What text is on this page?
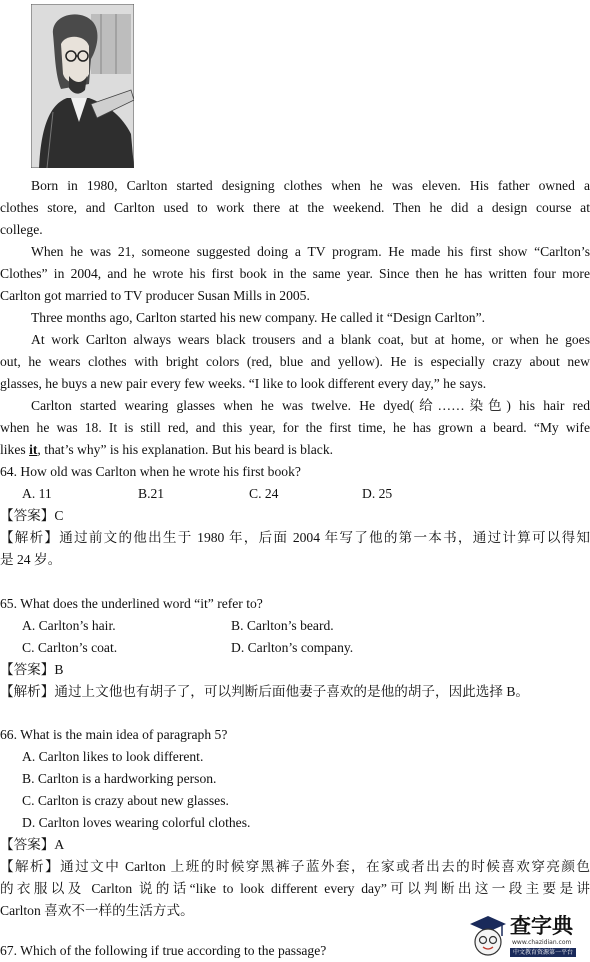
Born in 1980, Carlton started designing clothes when he was eleven. His father owned a
clothes store, and Carlton used to work there at the weekend. Then he did a design course at
college.
When he was 21, someone suggested doing a TV program. He made his first show “Carlton’s
Clothes” in 2004, and he wrote his first book in the same year. Since then he has written four more
Carlton got married to TV producer Susan Mills in 2005.
Three months ago, Carlton started his new company. He called it “Design Carlton”.
At work Carlton always wears black trousers and a blank coat, but at home, or when he goes
out, he wears clothes with bright colors (red, blue and yellow). He is especially crazy about new
glasses, he buys a new pair every few weeks. “I like to look different every day,” he says.
Carlton started wearing glasses when he was twelve. He dyed(给……染色) his hair red
when he was 18. It is still red, and this year, for the first time, he has grown a beard. “My wife
likes it, that’s why” is his explanation. But his beard is black.
64. How old was Carlton when he wrote his first book?
A. 11	B.21	C. 24	D. 25
【答案】C
【解析】通过前文的他出生于 1980 年，后面 2004 年写了他的第一本书，通过计算可以得知
是 24 岁。
65. What does the underlined word “it” refer to?
A. Carlton’s hair.	B. Carlton’s beard.
C. Carlton’s coat.	D. Carlton’s company.
【答案】B
【解析】通过上文他也有胡子了，可以判断后面他妻子喜欢的是他的胡子，因此选择 B。
66. What is the main idea of paragraph 5?
A. Carlton likes to look different.
B. Carlton is a hardworking person.
C. Carlton is crazy about new glasses.
D. Carlton loves wearing colorful clothes.
【答案】A
【解析】通过文中 Carlton 上班的时候穿黑裤子蓝外套，在家或者出去的时候喜欢穿亮颜色
的衣服以及 Carlton 说的话“like to look different every day”可以判断出这一段主要是讲
Carlton 喜欢不一样的生活方式。
67. Which of the following if true according to the passage?
查字典
www.chazidian.com
中文教育资源第一平台
